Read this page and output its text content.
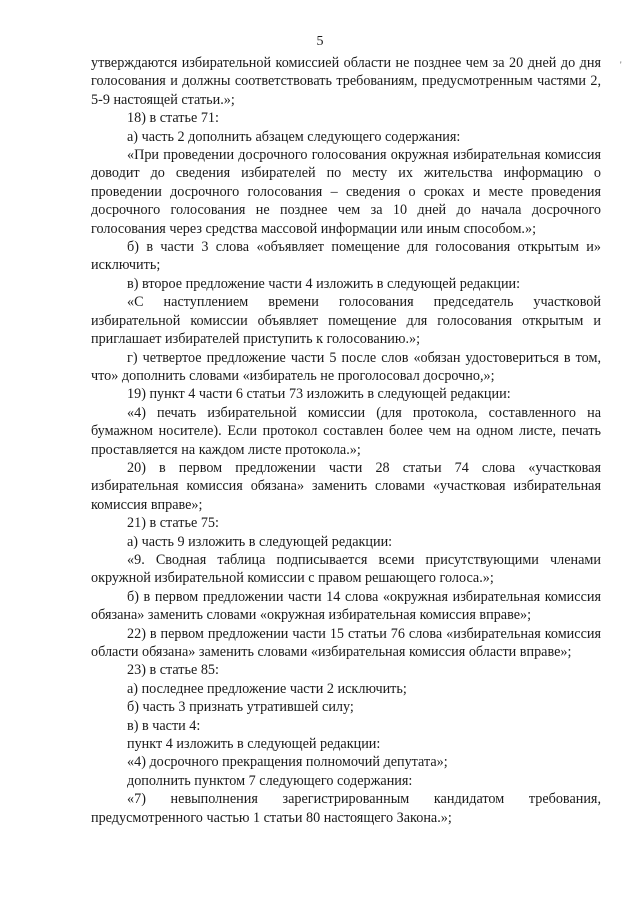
5
'

утверждаются избирательной комиссией области не позднее чем за 20 дней до дня голосования и должны соответствовать требованиям, предусмотренным частями 2, 5-9 настоящей статьи.»;

18) в статье 71:

а) часть 2 дополнить абзацем следующего содержания:

«При проведении досрочного голосования окружная избирательная комиссия доводит до сведения избирателей по месту их жительства информацию о проведении досрочного голосования – сведения о сроках и месте проведения досрочного голосования не позднее чем за 10 дней до начала досрочного голосования через средства массовой информации или иным способом.»;

б) в части 3 слова «объявляет помещение для голосования открытым и» исключить;

в) второе предложение части 4 изложить в следующей редакции:

«С наступлением времени голосования председатель участковой избирательной комиссии объявляет помещение для голосования открытым и приглашает избирателей приступить к голосованию.»;

г) четвертое предложение части 5 после слов «обязан удостовериться в том, что» дополнить словами «избиратель не проголосовал досрочно,»;

19) пункт 4 части 6 статьи 73 изложить в следующей редакции:

«4) печать избирательной комиссии (для протокола, составленного на бумажном носителе). Если протокол составлен более чем на одном листе, печать проставляется на каждом листе протокола.»;

20) в первом предложении части 28 статьи 74 слова «участковая избирательная комиссия обязана» заменить словами «участковая избирательная комиссия вправе»;

21) в статье 75:

а) часть 9 изложить в следующей редакции:

«9. Сводная таблица подписывается всеми присутствующими членами окружной избирательной комиссии с правом решающего голоса.»;

б) в первом предложении части 14 слова «окружная избирательная комиссия обязана» заменить словами «окружная избирательная комиссия вправе»;

22) в первом предложении части 15 статьи 76 слова «избирательная комиссия области обязана» заменить словами «избирательная комиссия области вправе»;

23) в статье 85:

а) последнее предложение части 2 исключить;

б) часть 3 признать утратившей силу;

в) в части 4:

пункт 4 изложить в следующей редакции:

«4) досрочного прекращения полномочий депутата»;

дополнить пунктом 7 следующего содержания:

«7) невыполнения зарегистрированным кандидатом требования, предусмотренного частью 1 статьи 80 настоящего Закона.»;
